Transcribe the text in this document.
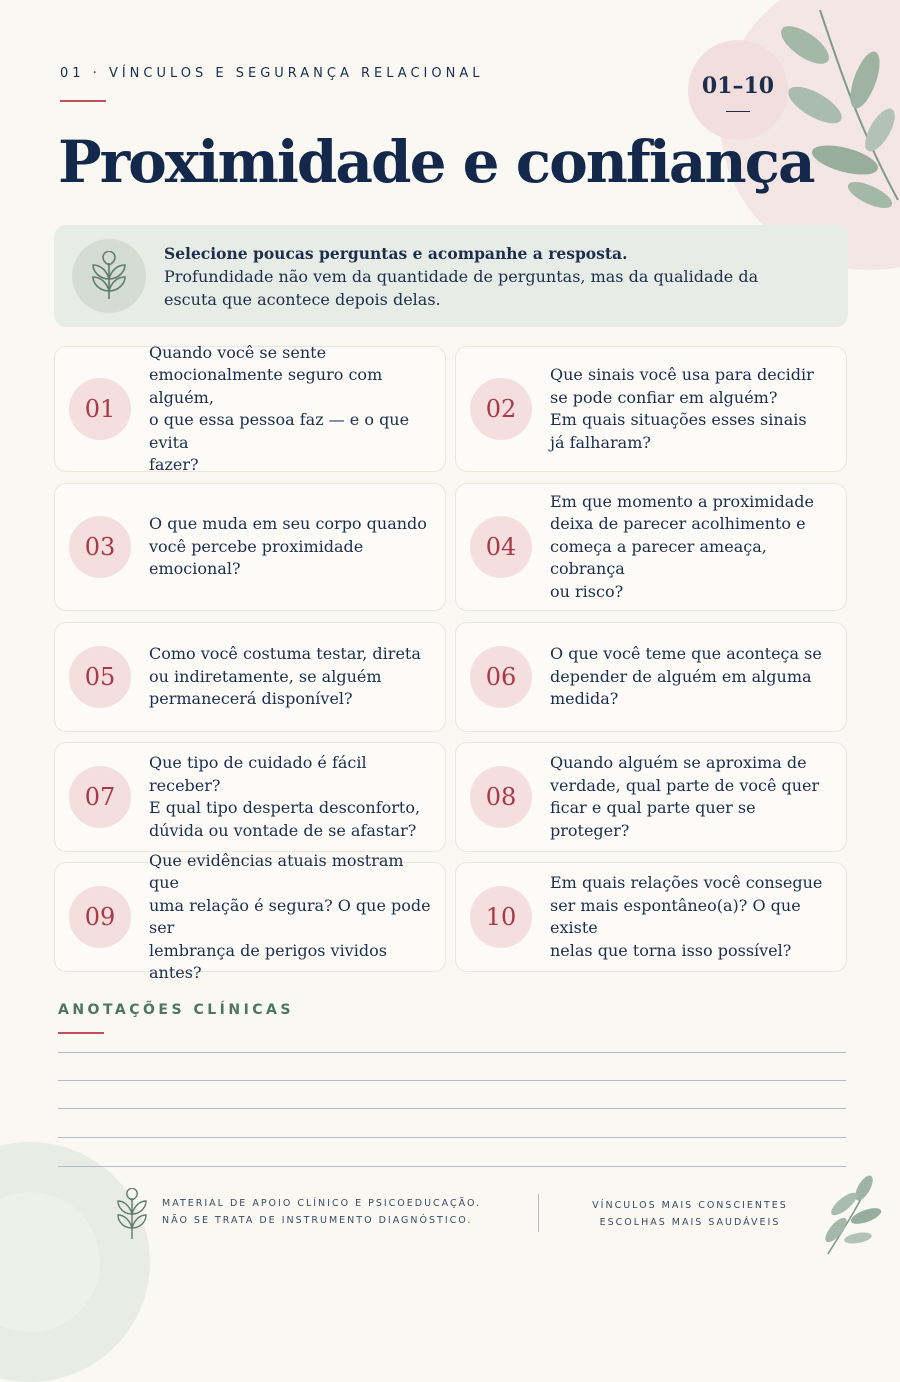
01 · VÍNCULOS E SEGURANÇA RELACIONAL	01–10
Proximidade e confiança
Selecione poucas perguntas e acompanhe a resposta.
Profundidade não vem da quantidade de perguntas, mas da qualidade da escuta que acontece depois delas.
01
Quando você se sente
emocionalmente seguro com alguém,
o que essa pessoa faz — e o que evita
fazer?
02
Que sinais você usa para decidir
se pode confiar em alguém?
Em quais situações esses sinais
já falharam?
03
O que muda em seu corpo quando
você percebe proximidade
emocional?
04
Em que momento a proximidade
deixa de parecer acolhimento e
começa a parecer ameaça, cobrança
ou risco?
05
Como você costuma testar, direta
ou indiretamente, se alguém
permanecerá disponível?
06
O que você teme que aconteça se
depender de alguém em alguma
medida?
07
Que tipo de cuidado é fácil receber?
E qual tipo desperta desconforto,
dúvida ou vontade de se afastar?
08
Quando alguém se aproxima de
verdade, qual parte de você quer
ficar e qual parte quer se proteger?
09
Que evidências atuais mostram que
uma relação é segura? O que pode ser
lembrança de perigos vividos antes?
10
Em quais relações você consegue
ser mais espontâneo(a)? O que existe
nelas que torna isso possível?
ANOTAÇÕES CLÍNICAS
MATERIAL DE APOIO CLÍNICO E PSICOEDUCAÇÃO.
NÃO SE TRATA DE INSTRUMENTO DIAGNÓSTICO.
VÍNCULOS MAIS CONSCIENTES
ESCOLHAS MAIS SAUDÁVEIS
